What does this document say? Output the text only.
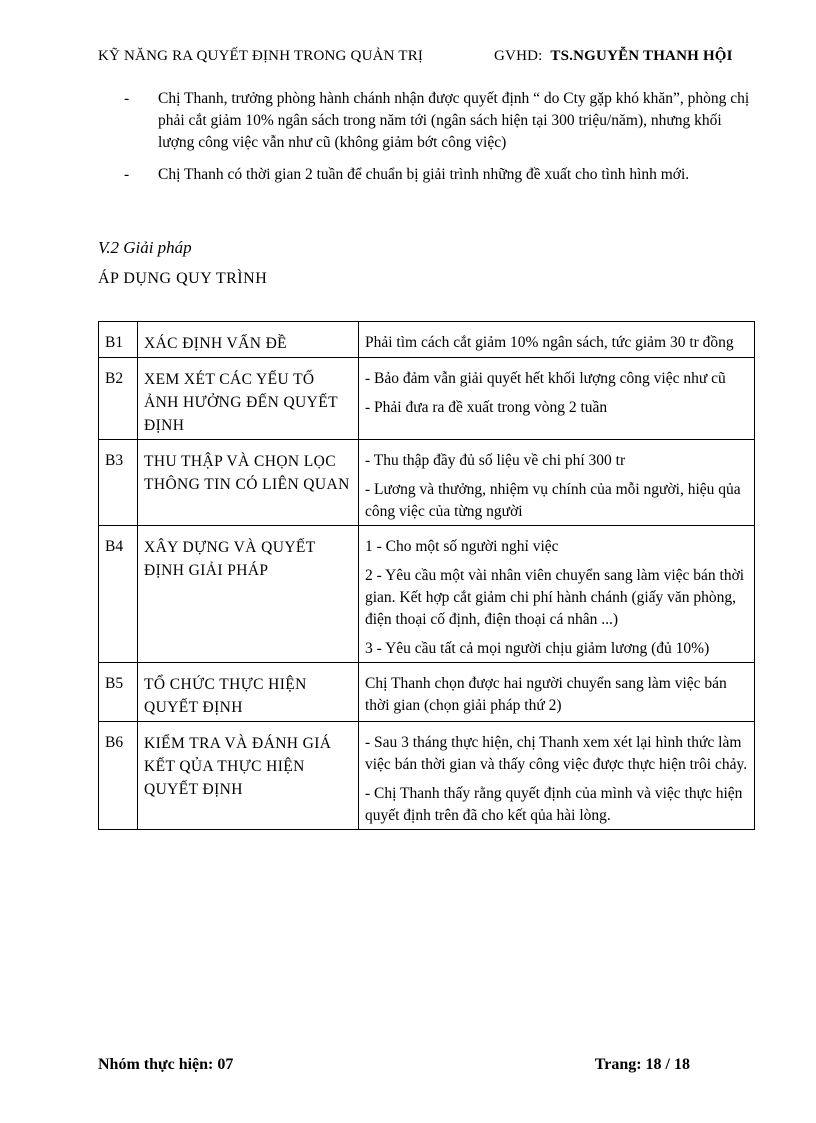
KỸ NĂNG RA QUYẾT ĐỊNH TRONG QUẢN TRỊ	GVHD: TS.NGUYỄN THANH HỘI
- Chị Thanh, trưởng phòng hành chánh nhận được quyết định “ do Cty gặp khó khăn”, phòng chị phải cắt giảm 10% ngân sách trong năm tới (ngân sách hiện tại 300 triệu/năm), nhưng khối lượng công việc vẫn như cũ (không giảm bớt công việc)
- Chị Thanh có thời gian 2 tuần để chuẩn bị giải trình những đề xuất cho tình hình mới.
V.2 Giải pháp
ÁP DỤNG QUY TRÌNH
B1	XÁC ĐỊNH VẤN ĐỀ	Phải tìm cách cắt giảm 10% ngân sách, tức giảm 30 tr đồng

B2	XEM XÉT CÁC YẾU TỐ ẢNH HƯỞNG ĐẾN QUYẾT ĐỊNH	- Bảo đảm vẫn giải quyết hết khối lượng công việc như cũ

- Phải đưa ra đề xuất trong vòng 2 tuần

B3	THU THẬP VÀ CHỌN LỌC THÔNG TIN CÓ LIÊN QUAN	- Thu thập đầy đủ số liệu về chi phí 300 tr

- Lương và thưởng, nhiệm vụ chính của mỗi người, hiệu qủa công việc của từng người

B4	XÂY DỰNG VÀ QUYẾT ĐỊNH GIẢI PHÁP	1 - Cho một số người nghỉ việc

2 - Yêu cầu một vài nhân viên chuyển sang làm việc bán thời gian. Kết hợp cắt giảm chi phí hành chánh (giấy văn phòng, điện thoại cố định, điện thoại cá nhân ...)

3 - Yêu cầu tất cả mọi người chịu giảm lương (đủ 10%)

B5	TỔ CHỨC THỰC HIỆN QUYẾT ĐỊNH	Chị Thanh chọn được hai người chuyển sang làm việc bán thời gian (chọn giải pháp thứ 2)

B6	KIỂM TRA VÀ ĐÁNH GIÁ KẾT QỦA THỰC HIỆN QUYẾT ĐỊNH	- Sau 3 tháng thực hiện, chị Thanh xem xét lại hình thức làm việc bán thời gian và thấy công việc được thực hiện trôi chảy.

- Chị Thanh thấy rằng quyết định của mình và việc thực hiện quyết định trên đã cho kết qủa hài lòng.

Nhóm thực hiện: 07	Trang: 18 / 18
